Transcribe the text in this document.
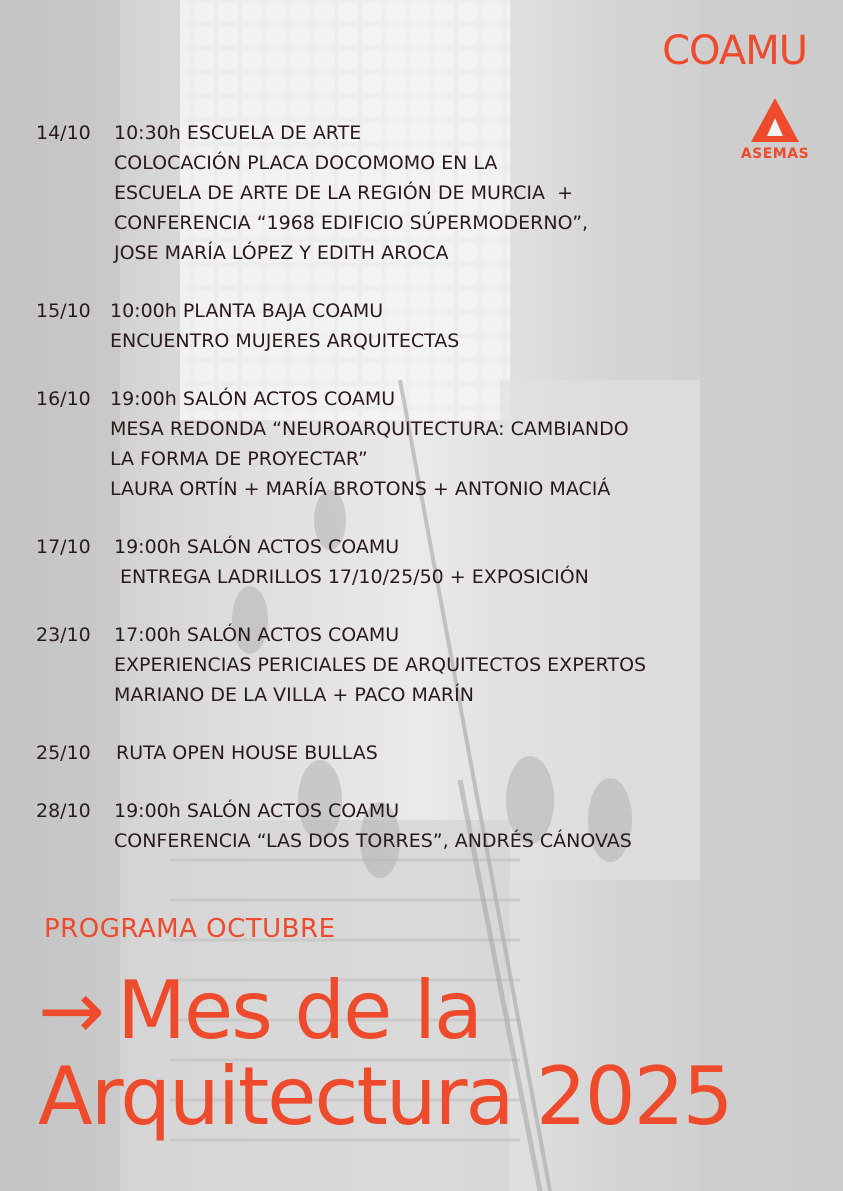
COAMU
ASEMAS
14/10	10:30h ESCUELA DE ARTE
COLOCACIÓN PLACA DOCOMOMO EN LA
ESCUELA DE ARTE DE LA REGIÓN DE MURCIA  +
CONFERENCIA “1968 EDIFICIO SÚPERMODERNO”,
JOSE MARÍA LÓPEZ Y EDITH AROCA
15/10	10:00h PLANTA BAJA COAMU
ENCUENTRO MUJERES ARQUITECTAS
16/10	19:00h SALÓN ACTOS COAMU
MESA REDONDA “NEUROARQUITECTURA: CAMBIANDO
LA FORMA DE PROYECTAR”
LAURA ORTÍN + MARÍA BROTONS + ANTONIO MACIÁ
17/10	19:00h SALÓN ACTOS COAMU
ENTREGA LADRILLOS 17/10/25/50 + EXPOSICIÓN
23/10	17:00h SALÓN ACTOS COAMU
EXPERIENCIAS PERICIALES DE ARQUITECTOS EXPERTOS
MARIANO DE LA VILLA + PACO MARÍN
25/10	RUTA OPEN HOUSE BULLAS
28/10	19:00h SALÓN ACTOS COAMU
CONFERENCIA “LAS DOS TORRES”, ANDRÉS CÁNOVAS
PROGRAMA OCTUBRE
→ Mes de la
Arquitectura 2025
